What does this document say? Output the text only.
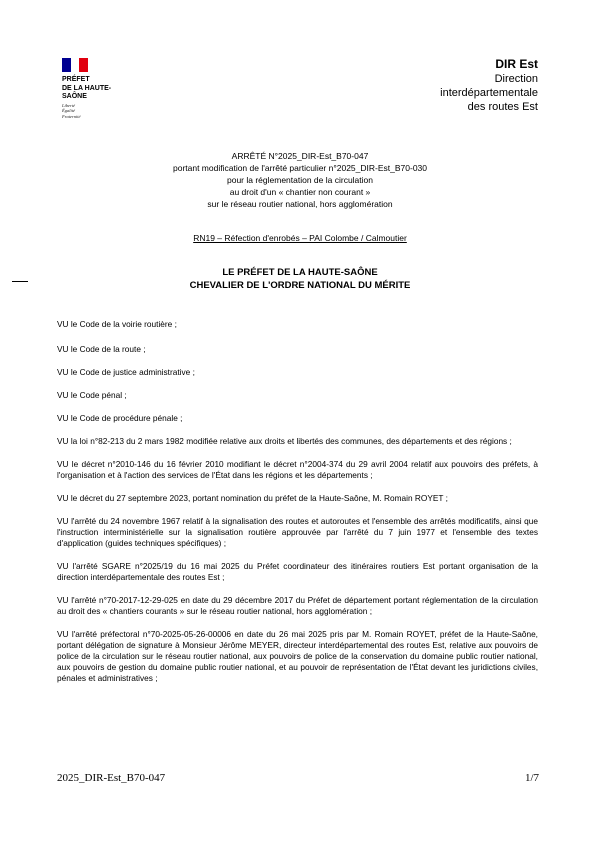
PRÉFET
DE LA HAUTE-
SAÔNE
Liberté
Égalité
Fraternité
DIR Est
Direction
interdépartementale
des routes Est
ARRÊTÉ N°2025_DIR-Est_B70-047
portant modification de l'arrêté particulier n°2025_DIR-Est_B70-030
pour la réglementation de la circulation
au droit d'un « chantier non courant »
sur le réseau routier national, hors agglomération
RN19 – Réfection d'enrobés – PAI Colombe / Calmoutier
LE PRÉFET DE LA HAUTE-SAÔNE
CHEVALIER DE L'ORDRE NATIONAL DU MÉRITE
VU le Code de la voirie routière ;
VU le Code de la route ;
VU le Code de justice administrative ;
VU le Code pénal ;
VU le Code de procédure pénale ;
VU la loi n°82-213 du 2 mars 1982 modifiée relative aux droits et libertés des communes, des départements et des régions ;
VU le décret n°2010-146 du 16 février 2010 modifiant le décret n°2004-374 du 29 avril 2004 relatif aux pouvoirs des préfets, à l'organisation et à l'action des services de l'État dans les régions et les départements ;
VU le décret du 27 septembre 2023, portant nomination du préfet de la Haute-Saône, M. Romain ROYET ;
VU l'arrêté du 24 novembre 1967 relatif à la signalisation des routes et autoroutes et l'ensemble des arrêtés modificatifs, ainsi que l'instruction interministérielle sur la signalisation routière approuvée par l'arrêté du 7 juin 1977 et l'ensemble des textes d'application (guides techniques spécifiques) ;
VU l'arrêté SGARE n°2025/19 du 16 mai 2025 du Préfet coordinateur des itinéraires routiers Est portant organisation de la direction interdépartementale des routes Est ;
VU l'arrêté n°70-2017-12-29-025 en date du 29 décembre 2017 du Préfet de département portant réglementation de la circulation au droit des « chantiers courants » sur le réseau routier national, hors agglomération ;
VU l'arrêté préfectoral n°70-2025-05-26-00006 en date du 26 mai 2025 pris par M. Romain ROYET, préfet de la Haute-Saône, portant délégation de signature à Monsieur Jérôme MEYER, directeur interdépartemental des routes Est, relative aux pouvoirs de police de la circulation sur le réseau routier national, aux pouvoirs de police de la conservation du domaine public routier national, aux pouvoirs de gestion du domaine public routier national, et au pouvoir de représentation de l'État devant les juridictions civiles, pénales et administratives ;
2025_DIR-Est_B70-047	1/7
